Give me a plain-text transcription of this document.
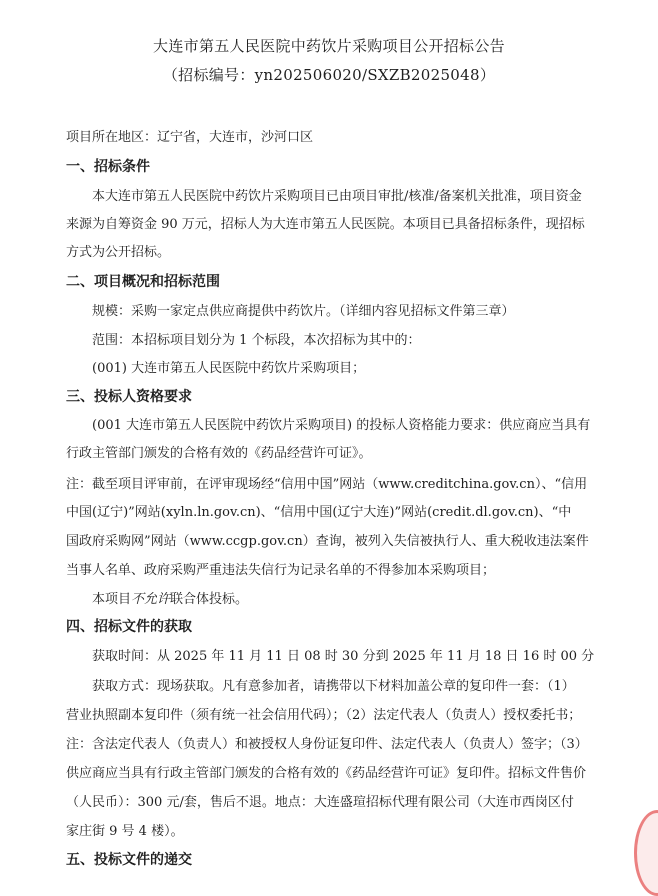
大连市第五人民医院中药饮片采购项目公开招标公告
（招标编号：yn202506020/SXZB2025048）
项目所在地区：辽宁省，大连市，沙河口区
一、招标条件
本大连市第五人民医院中药饮片采购项目已由项目审批/核准/备案机关批准，项目资金
来源为自筹资金 90 万元，招标人为大连市第五人民医院。本项目已具备招标条件，现招标
方式为公开招标。
二、项目概况和招标范围
规模：采购一家定点供应商提供中药饮片。（详细内容见招标文件第三章）
范围：本招标项目划分为 1 个标段，本次招标为其中的：
(001) 大连市第五人民医院中药饮片采购项目；
三、投标人资格要求
(001 大连市第五人民医院中药饮片采购项目) 的投标人资格能力要求：供应商应当具有
行政主管部门颁发的合格有效的《药品经营许可证》。
注：截至项目评审前，在评审现场经“信用中国”网站（www.creditchina.gov.cn）、“信用
中国(辽宁)”网站(xyln.ln.gov.cn)、“信用中国(辽宁大连)”网站(credit.dl.gov.cn)、“中
国政府采购网”网站（www.ccgp.gov.cn）查询，被列入失信被执行人、重大税收违法案件
当事人名单、政府采购严重违法失信行为记录名单的不得参加本采购项目；
本项目不允许联合体投标。
四、招标文件的获取
获取时间：从 2025 年 11 月 11 日 08 时 30 分到 2025 年 11 月 18 日 16 时 00 分
获取方式：现场获取。凡有意参加者，请携带以下材料加盖公章的复印件一套：（1）
营业执照副本复印件（须有统一社会信用代码）；（2）法定代表人（负责人）授权委托书；
注：含法定代表人（负责人）和被授权人身份证复印件、法定代表人（负责人）签字；（3）
供应商应当具有行政主管部门颁发的合格有效的《药品经营许可证》复印件。招标文件售价
（人民币）：300 元/套，售后不退。地点：大连盛瑄招标代理有限公司（大连市西岗区付
家庄街 9 号 4 楼）。
五、投标文件的递交
